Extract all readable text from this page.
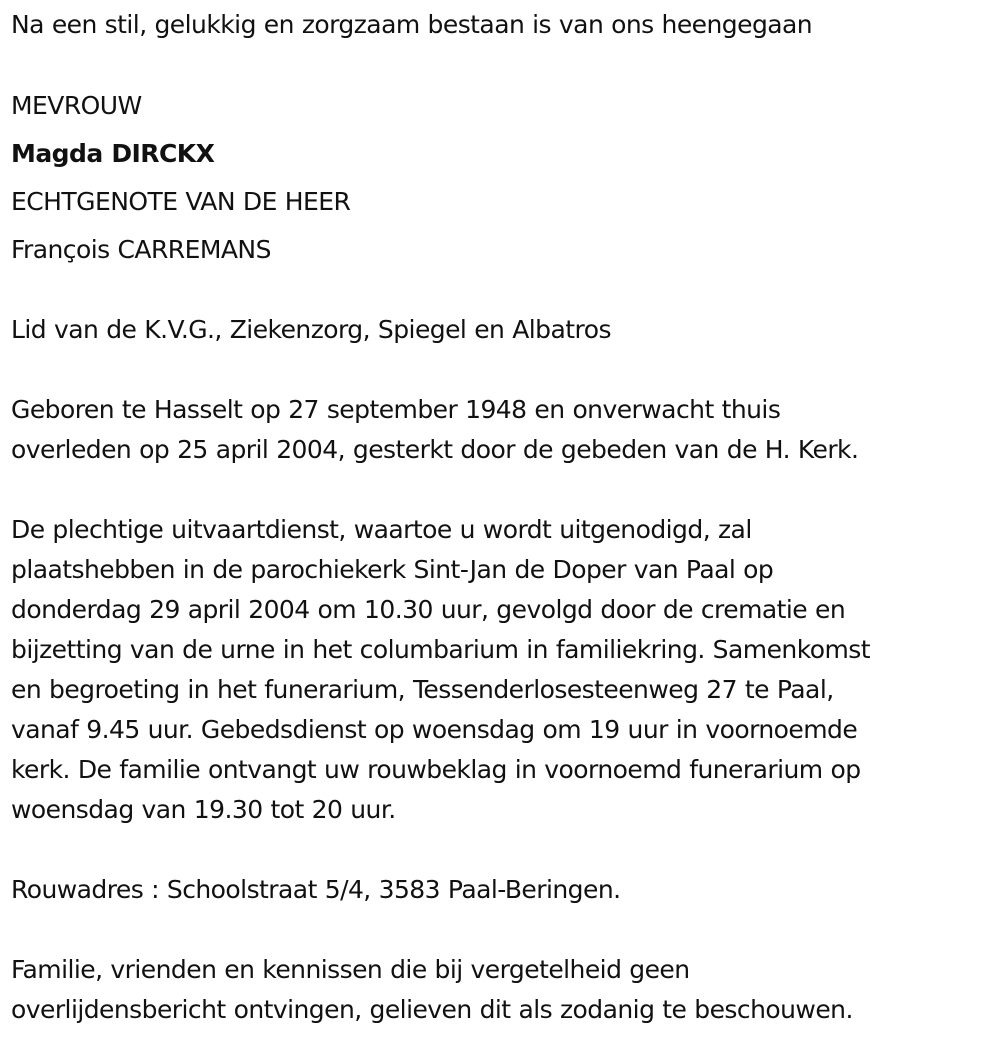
Na een stil, gelukkig en zorgzaam bestaan is van ons heengegaan
MEVROUW
Magda DIRCKX
ECHTGENOTE VAN DE HEER
François CARREMANS
Lid van de K.V.G., Ziekenzorg, Spiegel en Albatros
Geboren te Hasselt op 27 september 1948 en onverwacht thuis
overleden op 25 april 2004, gesterkt door de gebeden van de H. Kerk.
De plechtige uitvaartdienst, waartoe u wordt uitgenodigd, zal
plaatshebben in de parochiekerk Sint-Jan de Doper van Paal op
donderdag 29 april 2004 om 10.30 uur, gevolgd door de crematie en
bijzetting van de urne in het columbarium in familiekring. Samenkomst
en begroeting in het funerarium, Tessenderlosesteenweg 27 te Paal,
vanaf 9.45 uur. Gebedsdienst op woensdag om 19 uur in voornoemde
kerk. De familie ontvangt uw rouwbeklag in voornoemd funerarium op
woensdag van 19.30 tot 20 uur.
Rouwadres : Schoolstraat 5/4, 3583 Paal-Beringen.
Familie, vrienden en kennissen die bij vergetelheid geen
overlijdensbericht ontvingen, gelieven dit als zodanig te beschouwen.
